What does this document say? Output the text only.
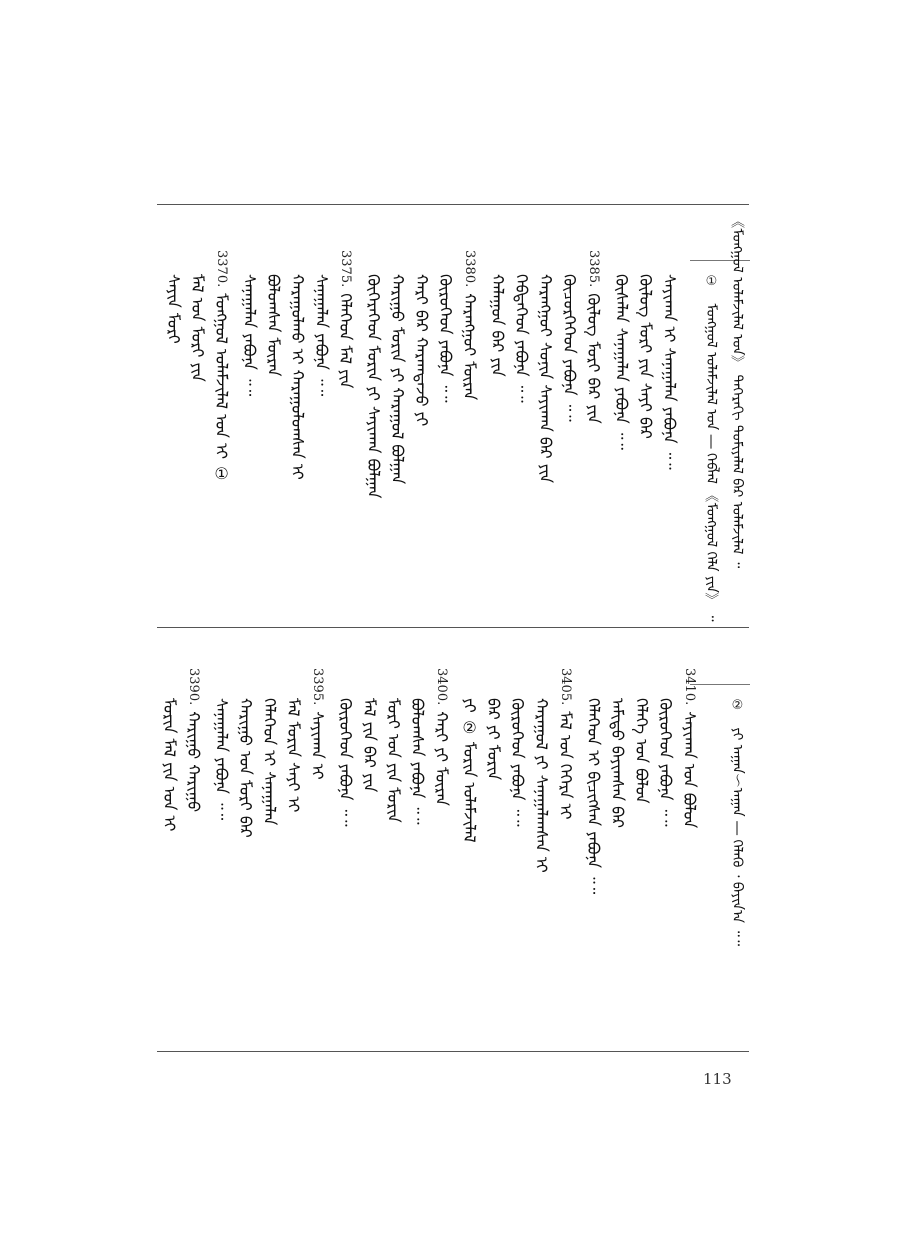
《ᠮᠣᠩᠭᠣᠯ ᠤᠯᠠᠮᠵᠢᠯᠠᠯ ᠤᠨ》 ᠳᠡᠭᠡᠷᠡᠬᠢ ᠲᠣᠮᠢᠶᠠᠯᠠᠯ ᠪᠠᠷ ᠤᠯᠠᠮᠵᠢᠯᠠᠯ ᠃
① ᠮᠣᠩᠭᠣᠯ ᠤᠯᠠᠮᠵᠢᠯᠠᠯ ᠤᠨ ― ᠬᠡᠪᠯᠡᠯ 《ᠮᠣᠩᠭᠣᠯ ᠬᠡᠯᠡ ᠶᠢᠨ》 ᠃
ᠰᠠᠶᠢᠬᠠᠨ ᠢ ᠰᠠᠨᠠᠭᠠᠯᠠᠨ ᠶᠠᠪᠤᠨᠠ ᠃᠃
ᠬᠥᠯᠥᠭ ᠮᠣᠷᠢ ᠶᠢᠨ ᠰᠠᠶᠢ ᠪᠠᠷ
ᠬᠦᠰᠡᠯᠡᠨ ᠰᠠᠨᠠᠭᠠᠯᠠᠨ ᠶᠠᠪᠤᠨᠠ ᠃᠃
3385.ᠬᠥᠯᠥᠭ ᠮᠣᠷᠢ ᠪᠠᠷ ᠶᠢᠨ
ᠬᠦᠴᠦᠷᠬᠡᠭᠡᠳ ᠶᠠᠪᠤᠨᠠ ᠃᠃
ᠬᠠᠷᠠᠩᠭᠤᠢ ᠰᠣᠨᠢᠨ ᠰᠠᠶᠢᠬᠠᠨ ᠪᠠᠷ ᠶᠢᠨ
ᠬᠡᠪᠲᠡᠭᠡᠳ ᠶᠠᠪᠤᠨᠠ ᠃᠃
ᠬᠠᠯᠠᠭᠤᠨ ᠪᠠᠷ ᠶᠢᠨ
3380.ᠬᠠᠷᠠᠩᠭᠤᠢ ᠮᠥᠷᠡᠨ
ᠬᠦᠷᠦᠭᠡᠳ ᠶᠠᠪᠤᠨᠠ ᠃᠃
ᠬᠠᠷᠢ ᠪᠠᠷ ᠬᠠᠷᠠᠭᠳᠠᠵᠤ ᠶᠢ
ᠬᠠᠷᠢᠭᠤ ᠮᠣᠷᠢᠨ ᠶᠢ ᠬᠠᠷᠠᠭᠤᠯ ᠪᠣᠯᠭᠠᠨ
ᠬᠥᠬᠡᠷᠡᠭᠡᠳ ᠮᠣᠷᠢᠨ ᠶᠢ ᠰᠠᠶᠢᠬᠠᠨ ᠪᠣᠯᠭᠠᠨ
3375.ᠬᠡᠯᠡᠭᠡᠳ ᠮᠠᠯ ᠶᠢᠨ
ᠰᠠᠨᠠᠭᠠᠯᠠᠨ ᠶᠠᠪᠤᠨᠠ ᠃᠃
ᠬᠠᠷᠠᠭᠤᠯᠬᠤ ᠢ ᠬᠠᠷᠠᠭᠤᠯᠤᠭᠰᠠᠨ ᠢ
ᠪᠣᠯᠤᠭᠰᠠᠨ ᠮᠥᠷᠡᠨ
ᠰᠠᠨᠠᠭᠠᠯᠠᠨ ᠶᠠᠪᠤᠨᠠ ᠃᠃
3370.ᠮᠣᠩᠭᠣᠯ ᠤᠯᠠᠮᠵᠢᠯᠠᠯ ᠤᠨ ᠢ ①
ᠮᠠᠯ ᠤᠨ ᠮᠣᠷᠢ ᠶᠢᠨ
ᠰᠠᠶᠢᠨ ᠮᠣᠷᠢ
② ᠶᠢ ᠠᠭᠠᠨ～ᠠᠭᠠᠨ ― ᠬᠡᠯᠡᠬᠦ ᠂ ᠪᠠᠶᠢᠨ᠎ᠠ ᠃᠃
3410.ᠰᠠᠶᠢᠬᠠᠨ ᠤᠨ ᠪᠣᠯᠣᠨ
ᠬᠦᠷᠦᠭᠡᠳ ᠶᠠᠪᠤᠨᠠ ᠃᠃
ᠬᠡᠯᠡᠭᠡ ᠤᠨ ᠪᠣᠯᠣᠨ
ᠠᠮᠢᠳᠤ ᠪᠠᠶᠢᠭᠰᠠᠨ ᠪᠡᠷ
ᠬᠡᠯᠡᠭᠡᠳ ᠢ ᠪᠢᠴᠢᠭᠰᠡᠨ ᠶᠠᠪᠤᠨᠠ ᠃᠃
3405.ᠮᠠᠯ ᠤᠨ ᠬᠡᠭᠡᠷᠡ ᠢ
ᠬᠠᠷᠠᠭᠤᠯ ᠶᠢ ᠰᠠᠨᠠᠭᠠᠯᠠᠭᠰᠠᠨ ᠢ
ᠬᠦᠷᠦᠭᠡᠳ ᠶᠠᠪᠤᠨᠠ ᠃᠃
ᠪᠠᠷ ᠶᠢ ᠮᠣᠷᠢᠨ
ᠶᠢ ② ᠮᠣᠷᠢᠨ ᠤᠯᠠᠮᠵᠢᠯᠠᠯ
3400.ᠬᠠᠷᠢ ᠶᠢ ᠮᠥᠷᠡᠨ
ᠪᠣᠯᠤᠭᠰᠠᠨ ᠶᠠᠪᠤᠨᠠ ᠃᠃
ᠮᠣᠷᠢ ᠤᠨ ᠶᠢᠨ ᠮᠣᠷᠢᠨ
ᠮᠠᠯ ᠶᠢᠨ ᠪᠠᠷ ᠶᠢᠨ
ᠬᠦᠷᠦᠭᠡᠳ ᠶᠠᠪᠤᠨᠠ ᠃᠃
3395.ᠰᠠᠶᠢᠬᠠᠨ ᠢ
ᠮᠠᠯ ᠮᠣᠷᠢᠨ ᠰᠠᠶᠢ ᠢ
ᠬᠡᠯᠡᠭᠡᠳ ᠢ ᠰᠠᠨᠠᠭᠠᠯᠠᠨ
ᠬᠠᠷᠢᠭᠤ ᠤᠨ ᠮᠣᠷᠢ ᠪᠠᠷ
ᠰᠠᠨᠠᠭᠠᠯᠠᠨ ᠶᠠᠪᠤᠨᠠ ᠃᠃
3390.ᠬᠠᠷᠢᠭᠤ ᠬᠠᠷᠢᠭᠤ
ᠮᠣᠷᠢᠨ ᠮᠠᠯ ᠶᠢᠨ ᠤᠨ ᠢ
113
